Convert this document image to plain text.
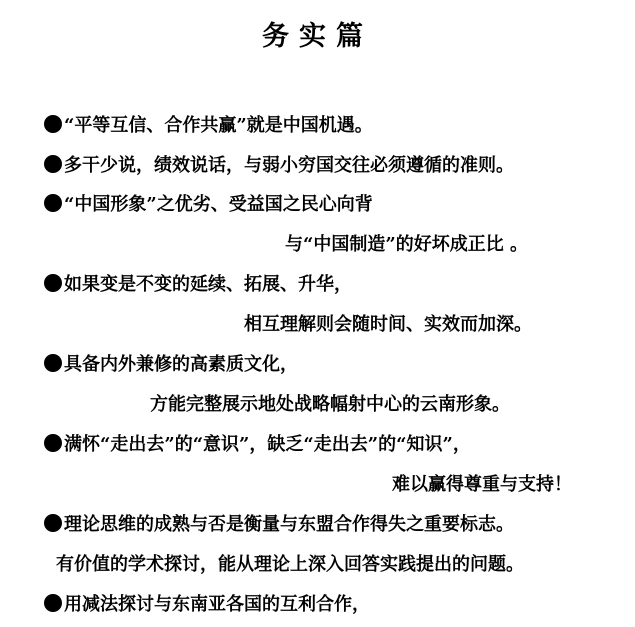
务实篇
“平等互信、合作共赢”就是中国机遇。
多干少说，绩效说话，与弱小穷国交往必须遵循的准则。
“中国形象”之优劣、受益国之民心向背
与“中国制造”的好坏成正比 。
如果变是不变的延续、拓展、升华，
相互理解则会随时间、实效而加深。
具备内外兼修的高素质文化，
方能完整展示地处战略幅射中心的云南形象。
满怀“走出去”的“意识”，缺乏“走出去”的“知识”，
难以赢得尊重与支持！
理论思维的成熟与否是衡量与东盟合作得失之重要标志。
有价值的学术探讨，能从理论上深入回答实践提出的问题。
用减法探讨与东南亚各国的互利合作，
